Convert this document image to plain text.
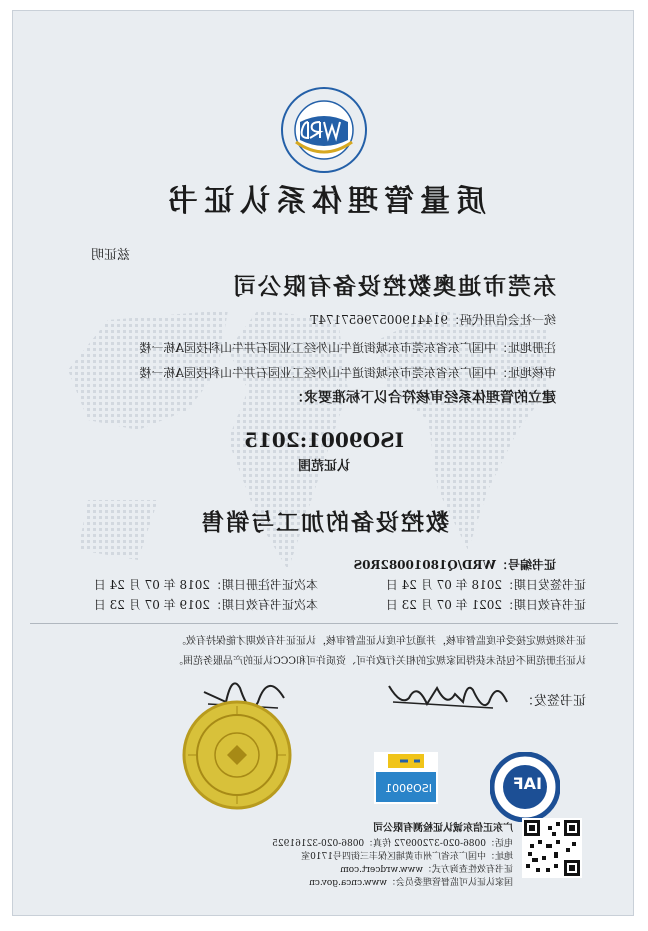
质量管理体系认证书
兹证明
东莞市迪奥数控设备有限公司
统一社会信用代码：91441900579657174T
注册地址：中国广东省东莞市东城街道牛山外经工业园石井牛山科技园A栋一楼
审核地址：中国广东省东莞市东城街道牛山外经工业园石井牛山科技园A栋一楼
建立的管理体系经审核符合以下标准要求：
ISO9001:2015
认证范围
数控设备的加工与销售
证书编号：WRD/Q18010082R0S
证书签发日期：2018 年 07 月 24 日
本次证书注册日期：2018 年 07 月 24 日
证书有效日期：2021 年 07 月 23 日
本次证书有效日期：2019 年 07 月 23 日
证书须按规定接受年度监督审核，并通过年度认证监督审核，认证证书有效期才能保持有效。
认证注册范围不包括未获得国家规定的相关行政许可、资质许可和CCC认证的产品服务范围。
证书签发：
ISO9001	IAF
广东正信东诚认证检测有限公司
电话：0086-020-37200972 传真：0086-020-32161925
地址：中国广东省广州市黄埔区保丰三街四号1710室
证书有效性查询方式：www.wrdcert.com
国家认证认可监督管理委员会：www.cnca.gov.cn
